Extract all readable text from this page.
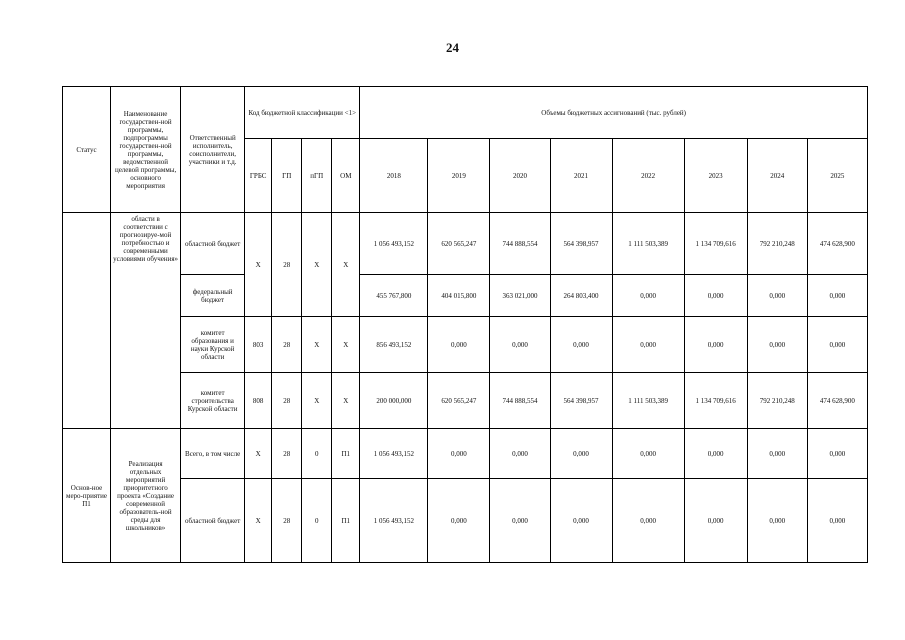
24
Статус	Наименование государствен-ной программы, подпрограммы государствен-ной программы, ведомственной целевой программы, основного мероприятия	Ответственный исполнитель, соисполнители, участники и т.д.	Код бюджетной классификации <1>				Объемы бюджетных ассигнований (тыс. рублей)							
			ГРБС	ГП	пГП	ОМ	2018	2019	2020	2021	2022	2023	2024	2025
	области в соответствии с прогнозируе-мой потребностью и современными условиями обучения»	областной бюджет	Х	28	Х	Х	1 056 493,152	620 565,247	744 888,554	564 398,957	1 111 503,389	1 134 709,616	792 210,248	474 628,900
		федеральный бюджет					455 767,800	404 015,800	363 021,000	264 803,400	0,000	0,000	0,000	0,000
		комитет образования и науки Курской области	803	28	Х	Х	856 493,152	0,000	0,000	0,000	0,000	0,000	0,000	0,000
		комитет строительства Курской области	808	28	Х	Х	200 000,000	620 565,247	744 888,554	564 398,957	1 111 503,389	1 134 709,616	792 210,248	474 628,900
Основ-ное меро-приятие П1	Реализация отдельных мероприятий приоритетного проекта «Создание современной образователь-ной среды для школьников»	Всего, в том числе	Х	28	0	П1	1 056 493,152	0,000	0,000	0,000	0,000	0,000	0,000	0,000
		областной бюджет	Х	28	0	П1	1 056 493,152	0,000	0,000	0,000	0,000	0,000	0,000	0,000
